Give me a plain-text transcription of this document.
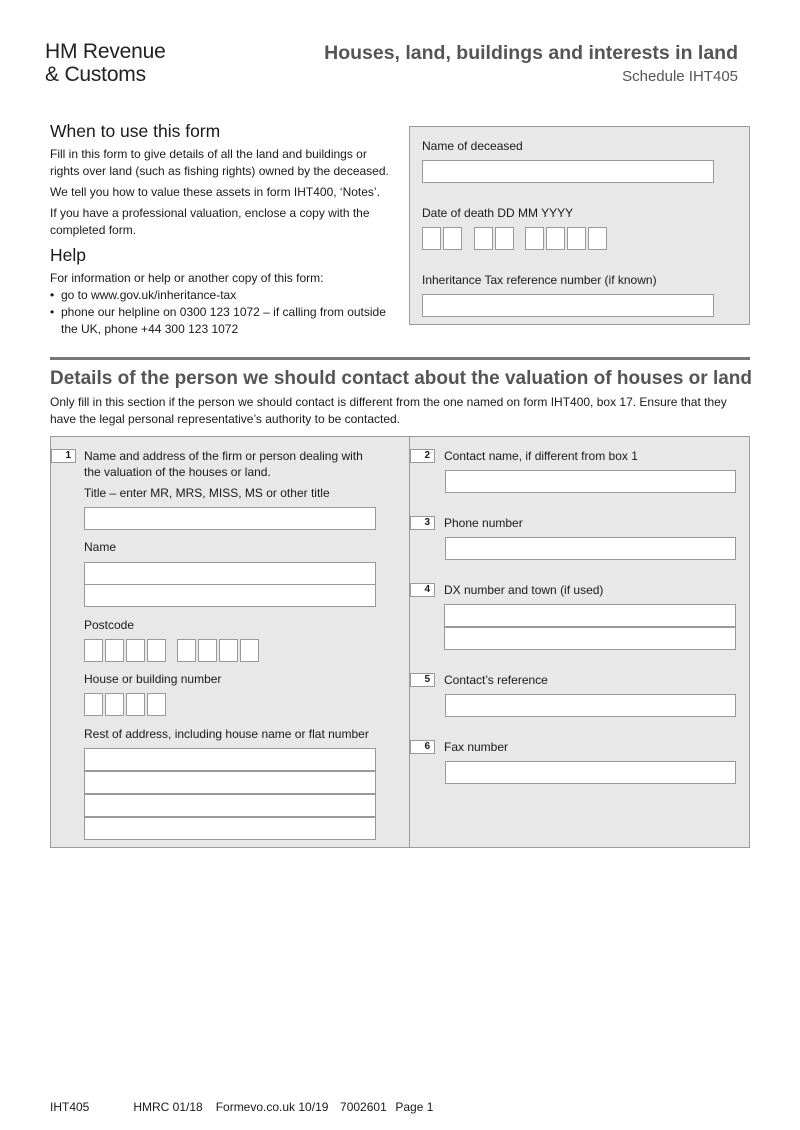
HM Revenue
& Customs
Houses, land, buildings and interests in land
Schedule IHT405
When to use this form

Fill in this form to give details of all the land and buildings or rights over land (such as fishing rights) owned by the deceased.

We tell you how to value these assets in form IHT400, ‘Notes’.

If you have a professional valuation, enclose a copy with the completed form.

Help

For information or help or another copy of this form:

• go to www.gov.uk/inheritance-tax
• phone our helpline on 0300 123 1072 – if calling from outside the UK, phone +44 300 123 1072
Name of deceased
Date of death DD MM YYYY
Inheritance Tax reference number (if known)
Details of the person we should contact about the valuation of houses or land
Only fill in this section if the person we should contact is different from the one named on form IHT400, box 17. Ensure that they have the legal personal representative’s authority to be contacted.
1	Name and address of the firm or person dealing with the valuation of the houses or land.
Title – enter MR, MRS, MISS, MS or other title
Name
Postcode
House or building number
Rest of address, including house name or flat number
2	Contact name, if different from box 1
3	Phone number
4	DX number and town (if used)
5	Contact’s reference
6	Fax number
IHT405	HMRC 01/18 Formevo.co.uk 10/19 7002601 Page 1
